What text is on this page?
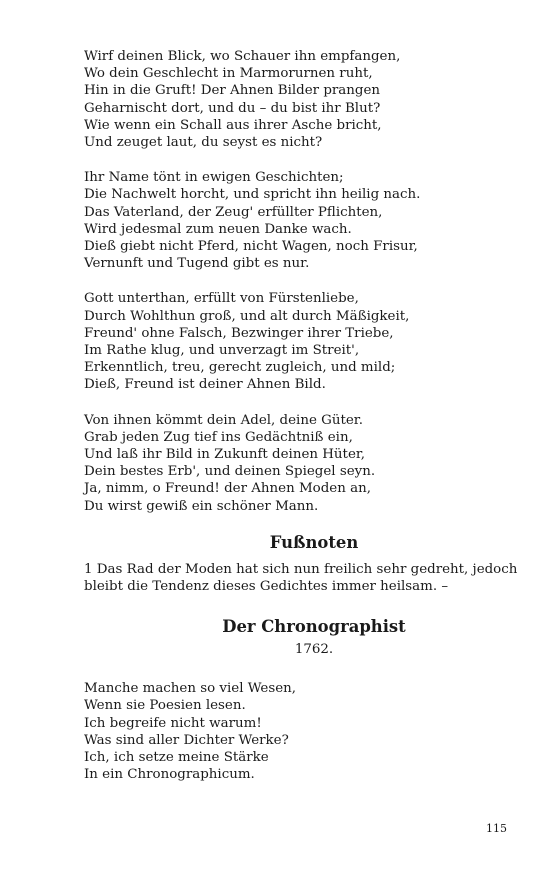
Wirf deinen Blick, wo Schauer ihn empfangen,
Wo dein Geschlecht in Marmorurnen ruht,
Hin in die Gruft! Der Ahnen Bilder prangen
Geharnischt dort, und du – du bist ihr Blut?
Wie wenn ein Schall aus ihrer Asche bricht,
Und zeuget laut, du seyst es nicht?
Ihr Name tönt in ewigen Geschichten;
Die Nachwelt horcht, und spricht ihn heilig nach.
Das Vaterland, der Zeug' erfüllter Pflichten,
Wird jedesmal zum neuen Danke wach.
Dieß giebt nicht Pferd, nicht Wagen, noch Frisur,
Vernunft und Tugend gibt es nur.
Gott unterthan, erfüllt von Fürstenliebe,
Durch Wohlthun groß, und alt durch Mäßigkeit,
Freund' ohne Falsch, Bezwinger ihrer Triebe,
Im Rathe klug, und unverzagt im Streit',
Erkenntlich, treu, gerecht zugleich, und mild;
Dieß, Freund ist deiner Ahnen Bild.
Von ihnen kömmt dein Adel, deine Güter.
Grab jeden Zug tief ins Gedächtniß ein,
Und laß ihr Bild in Zukunft deinen Hüter,
Dein bestes Erb', und deinen Spiegel seyn.
Ja, nimm, o Freund! der Ahnen Moden an,
Du wirst gewiß ein schöner Mann.
Fußnoten
1 Das Rad der Moden hat sich nun freilich sehr gedreht, jedoch bleibt die Tendenz dieses Gedichtes immer heilsam. –
Der Chronographist
1762.
Manche machen so viel Wesen,
Wenn sie Poesien lesen.
Ich begreife nicht warum!
Was sind aller Dichter Werke?
Ich, ich setze meine Stärke
In ein Chronographicum.
115
